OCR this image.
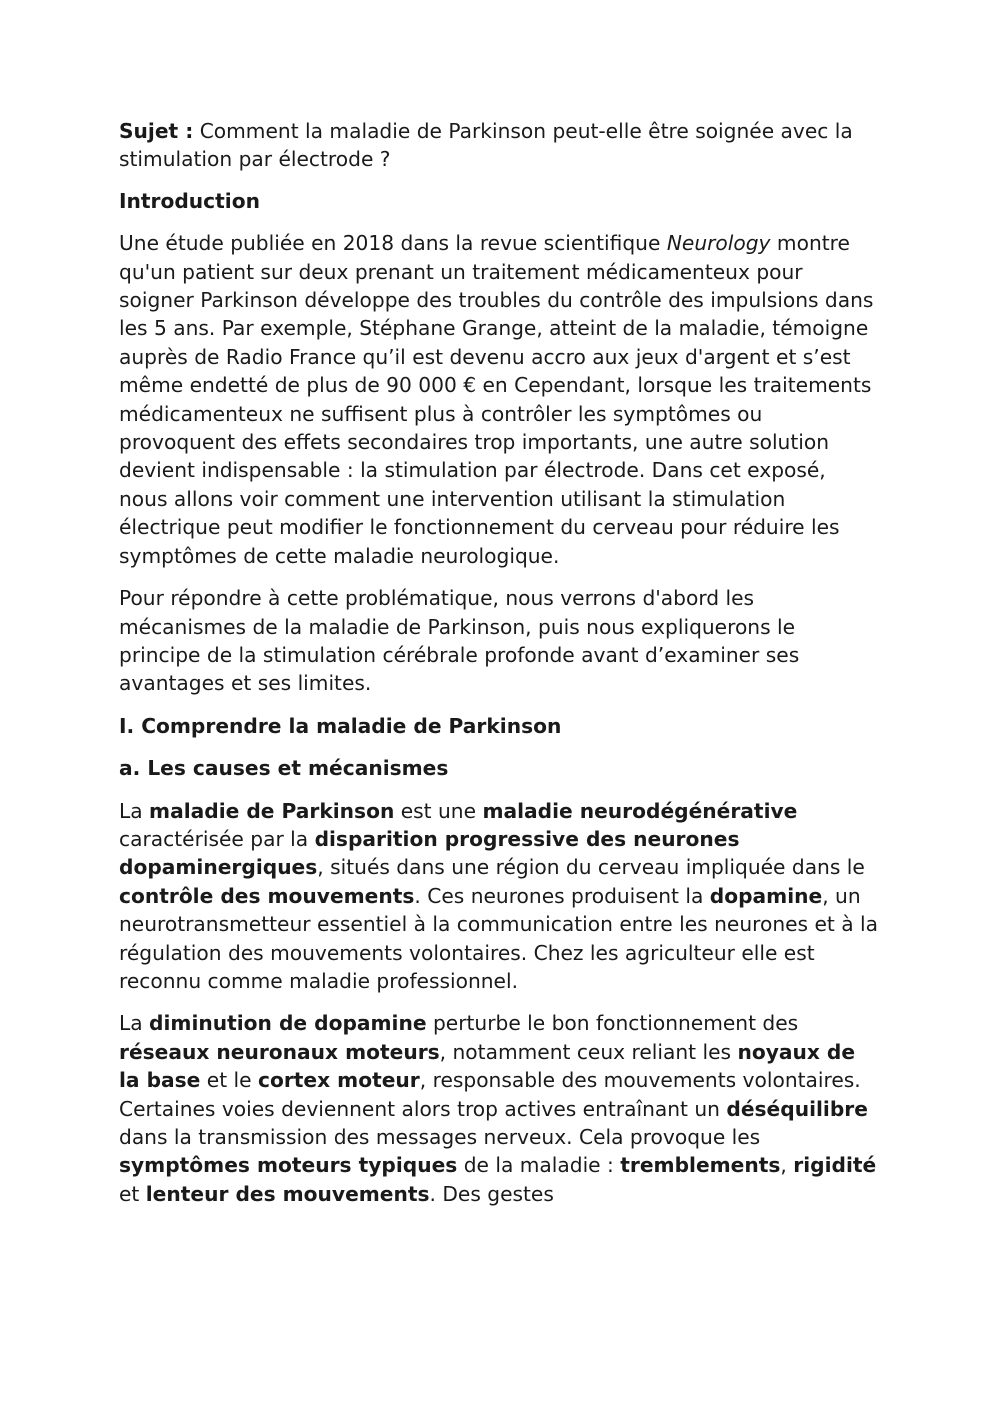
Sujet : Comment la maladie de Parkinson peut-elle être soignée avec la stimulation par électrode ?

Introduction

Une étude publiée en 2018 dans la revue scientifique Neurology montre qu'un patient sur deux prenant un traitement médicamenteux pour soigner Parkinson développe des troubles du contrôle des impulsions dans les 5 ans. Par exemple, Stéphane Grange, atteint de la maladie, témoigne auprès de Radio France qu’il est devenu accro aux jeux d'argent et s’est même endetté de plus de 90 000 € en Cependant, lorsque les traitements médicamenteux ne suffisent plus à contrôler les symptômes ou provoquent des effets secondaires trop importants, une autre solution devient indispensable : la stimulation par électrode. Dans cet exposé, nous allons voir comment une intervention utilisant la stimulation électrique peut modifier le fonctionnement du cerveau pour réduire les symptômes de cette maladie neurologique.

Pour répondre à cette problématique, nous verrons d'abord les mécanismes de la maladie de Parkinson, puis nous expliquerons le principe de la stimulation cérébrale profonde avant d’examiner ses avantages et ses limites.

I. Comprendre la maladie de Parkinson

a. Les causes et mécanismes

La maladie de Parkinson est une maladie neurodégénérative caractérisée par la disparition progressive des neurones dopaminergiques, situés dans une région du cerveau impliquée dans le contrôle des mouvements. Ces neurones produisent la dopamine, un neurotransmetteur essentiel à la communication entre les neurones et à la régulation des mouvements volontaires. Chez les agriculteur elle est reconnu comme maladie professionnel.

La diminution de dopamine perturbe le bon fonctionnement des réseaux neuronaux moteurs, notamment ceux reliant les noyaux de la base et le cortex moteur, responsable des mouvements volontaires. Certaines voies deviennent alors trop actives entraînant un déséquilibre dans la transmission des messages nerveux. Cela provoque les symptômes moteurs typiques de la maladie : tremblements, rigidité et lenteur des mouvements. Des gestes
